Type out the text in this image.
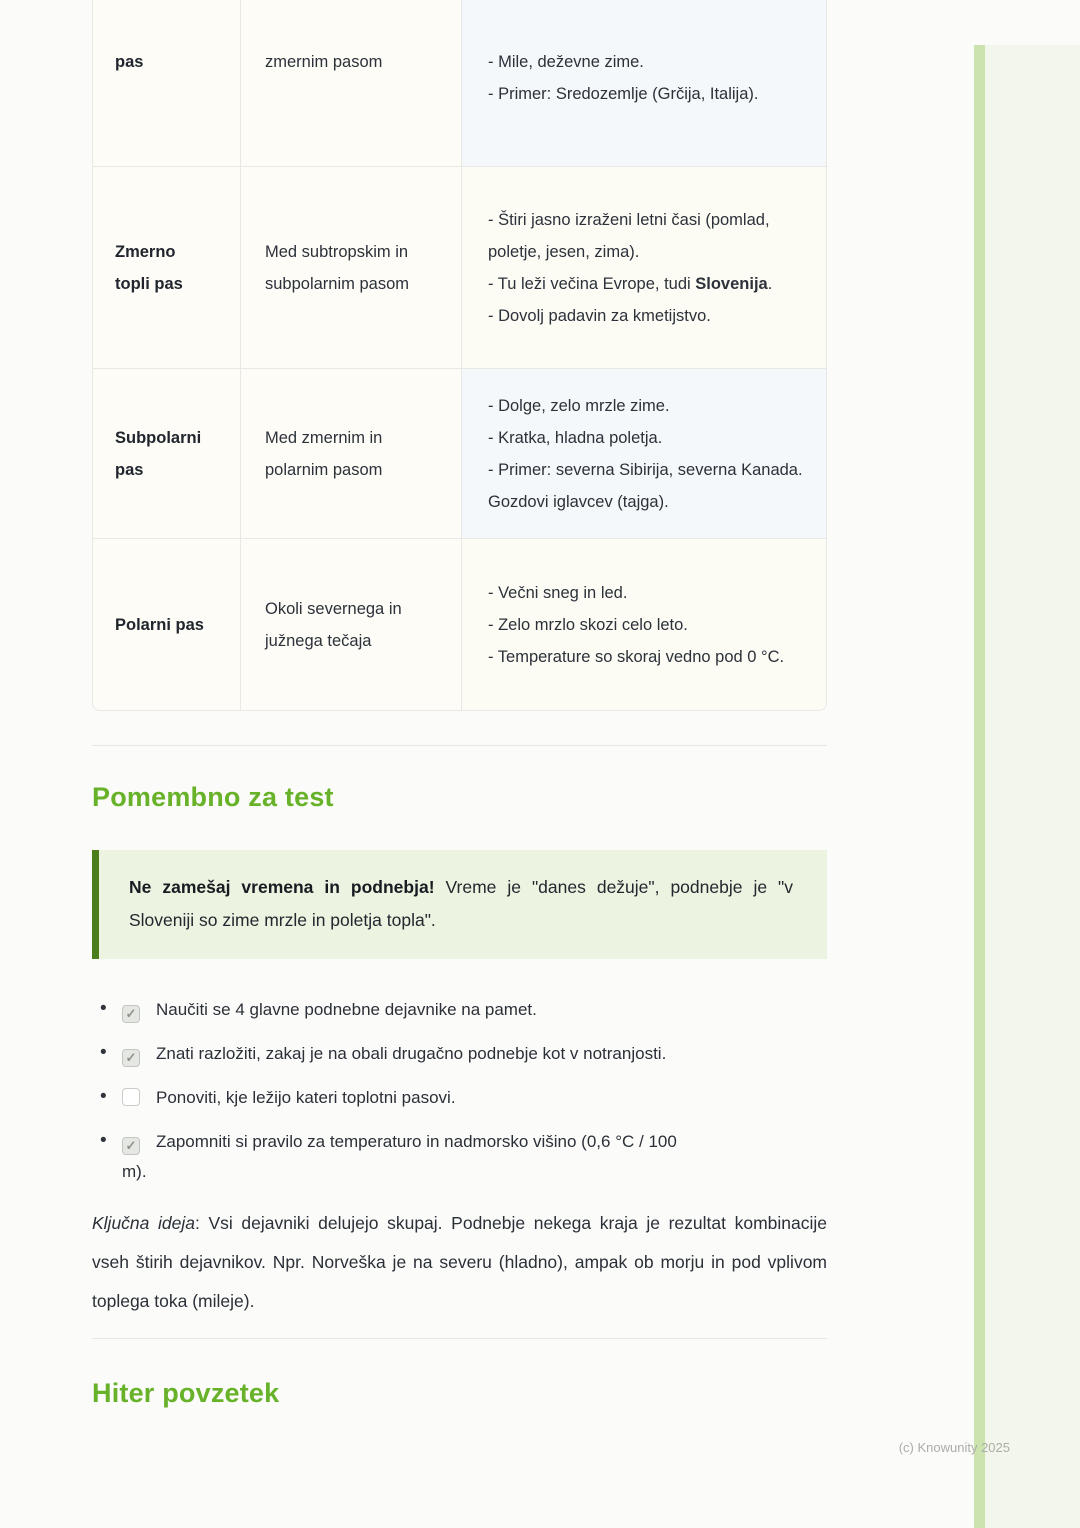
pas	zmernim pasom	- Mile, deževne zime.
- Primer: Sredozemlje (Grčija, Italija).
Zmerno topli pas
Med subtropskim in subpolarnim pasom
- Štiri jasno izraženi letni časi (pomlad, poletje, jesen, zima).
- Tu leži večina Evrope, tudi Slovenija.
- Dovolj padavin za kmetijstvo.
Subpolarni pas
Med zmernim in polarnim pasom
- Dolge, zelo mrzle zime.
- Kratka, hladna poletja.
- Primer: severna Sibirija, severna Kanada. Gozdovi iglavcev (tajga).
Polarni pas
Okoli severnega in južnega tečaja
- Večni sneg in led.
- Zelo mrzlo skozi celo leto.
- Temperature so skoraj vedno pod 0 °C.
Pomembno za test
Ne zamešaj vremena in podnebja! Vreme je "danes dežuje", podnebje je "v Sloveniji so zime mrzle in poletja topla".
• ✓ Naučiti se 4 glavne podnebne dejavnike na pamet.
• ✓ Znati razložiti, zakaj je na obali drugačno podnebje kot v notranjosti.
• Ponoviti, kje ležijo kateri toplotni pasovi.
• ✓ Zapomniti si pravilo za temperaturo in nadmorsko višino (0,6 °C / 100
m).

Ključna ideja: Vsi dejavniki delujejo skupaj. Podnebje nekega kraja je rezultat kombinacije vseh štirih dejavnikov. Npr. Norveška je na severu (hladno), ampak ob morju in pod vplivom toplega toka (mileje).

Hiter povzetek
(c) Knowunity 2025
